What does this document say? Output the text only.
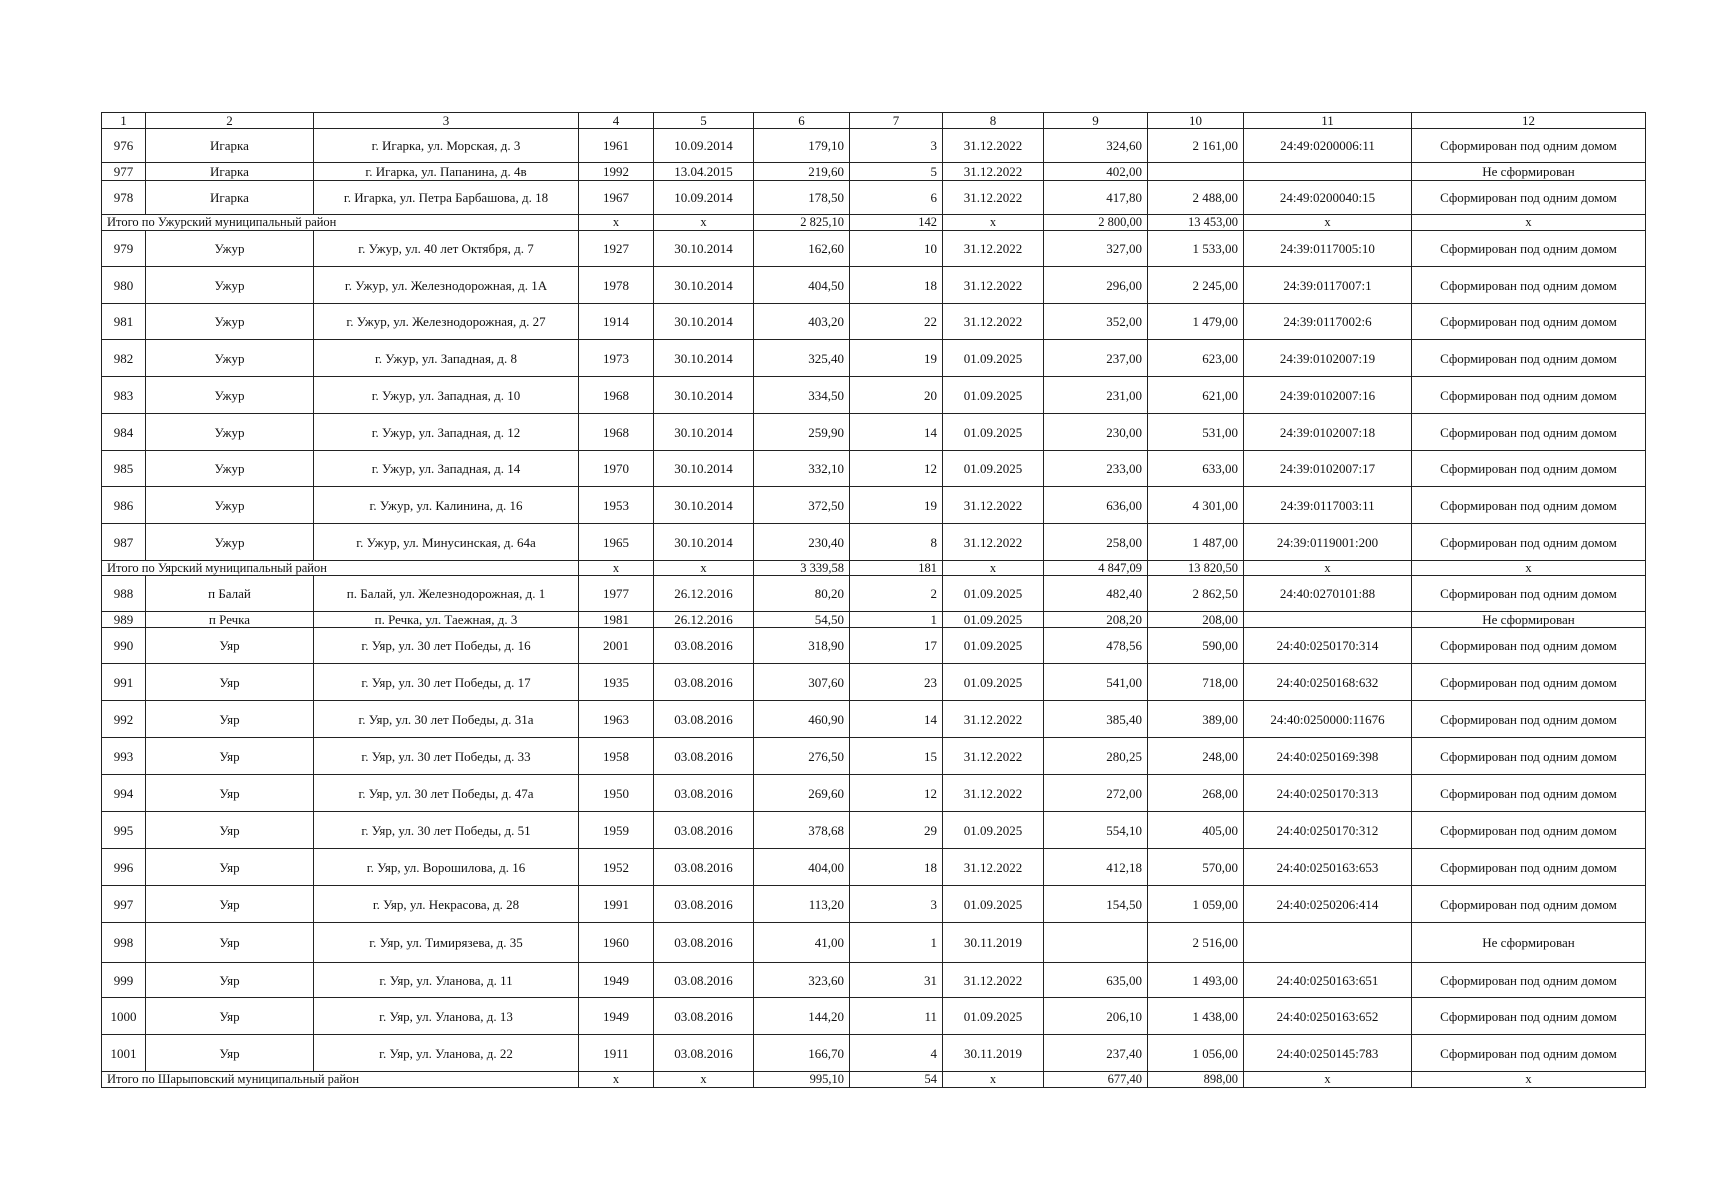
1	2	3	4	5	6	7	8	9	10	11	12
976	Игарка	г. Игарка, ул. Морская, д. 3	1961	10.09.2014	179,10	3	31.12.2022	324,60	2 161,00	24:49:0200006:11	Сформирован под одним домом
977	Игарка	г. Игарка, ул. Папанина, д. 4в	1992	13.04.2015	219,60	5	31.12.2022	402,00			Не сформирован
978	Игарка	г. Игарка, ул. Петра Барбашова, д. 18	1967	10.09.2014	178,50	6	31.12.2022	417,80	2 488,00	24:49:0200040:15	Сформирован под одним домом
Итого по Ужурский муниципальный район			x	x	2 825,10	142	x	2 800,00	13 453,00	x	x
979	Ужур	г. Ужур, ул. 40 лет Октября, д. 7	1927	30.10.2014	162,60	10	31.12.2022	327,00	1 533,00	24:39:0117005:10	Сформирован под одним домом
980	Ужур	г. Ужур, ул. Железнодорожная, д. 1А	1978	30.10.2014	404,50	18	31.12.2022	296,00	2 245,00	24:39:0117007:1	Сформирован под одним домом
981	Ужур	г. Ужур, ул. Железнодорожная, д. 27	1914	30.10.2014	403,20	22	31.12.2022	352,00	1 479,00	24:39:0117002:6	Сформирован под одним домом
982	Ужур	г. Ужур, ул. Западная, д. 8	1973	30.10.2014	325,40	19	01.09.2025	237,00	623,00	24:39:0102007:19	Сформирован под одним домом
983	Ужур	г. Ужур, ул. Западная, д. 10	1968	30.10.2014	334,50	20	01.09.2025	231,00	621,00	24:39:0102007:16	Сформирован под одним домом
984	Ужур	г. Ужур, ул. Западная, д. 12	1968	30.10.2014	259,90	14	01.09.2025	230,00	531,00	24:39:0102007:18	Сформирован под одним домом
985	Ужур	г. Ужур, ул. Западная, д. 14	1970	30.10.2014	332,10	12	01.09.2025	233,00	633,00	24:39:0102007:17	Сформирован под одним домом
986	Ужур	г. Ужур, ул. Калинина, д. 16	1953	30.10.2014	372,50	19	31.12.2022	636,00	4 301,00	24:39:0117003:11	Сформирован под одним домом
987	Ужур	г. Ужур, ул. Минусинская, д. 64а	1965	30.10.2014	230,40	8	31.12.2022	258,00	1 487,00	24:39:0119001:200	Сформирован под одним домом
Итого по Уярский муниципальный район			x	x	3 339,58	181	x	4 847,09	13 820,50	x	x
988	п Балай	п. Балай, ул. Железнодорожная, д. 1	1977	26.12.2016	80,20	2	01.09.2025	482,40	2 862,50	24:40:0270101:88	Сформирован под одним домом
989	п Речка	п. Речка, ул. Таежная, д. 3	1981	26.12.2016	54,50	1	01.09.2025	208,20	208,00		Не сформирован
990	Уяр	г. Уяр, ул. 30 лет Победы, д. 16	2001	03.08.2016	318,90	17	01.09.2025	478,56	590,00	24:40:0250170:314	Сформирован под одним домом
991	Уяр	г. Уяр, ул. 30 лет Победы, д. 17	1935	03.08.2016	307,60	23	01.09.2025	541,00	718,00	24:40:0250168:632	Сформирован под одним домом
992	Уяр	г. Уяр, ул. 30 лет Победы, д. 31а	1963	03.08.2016	460,90	14	31.12.2022	385,40	389,00	24:40:0250000:11676	Сформирован под одним домом
993	Уяр	г. Уяр, ул. 30 лет Победы, д. 33	1958	03.08.2016	276,50	15	31.12.2022	280,25	248,00	24:40:0250169:398	Сформирован под одним домом
994	Уяр	г. Уяр, ул. 30 лет Победы, д. 47а	1950	03.08.2016	269,60	12	31.12.2022	272,00	268,00	24:40:0250170:313	Сформирован под одним домом
995	Уяр	г. Уяр, ул. 30 лет Победы, д. 51	1959	03.08.2016	378,68	29	01.09.2025	554,10	405,00	24:40:0250170:312	Сформирован под одним домом
996	Уяр	г. Уяр, ул. Ворошилова, д. 16	1952	03.08.2016	404,00	18	31.12.2022	412,18	570,00	24:40:0250163:653	Сформирован под одним домом
997	Уяр	г. Уяр, ул. Некрасова, д. 28	1991	03.08.2016	113,20	3	01.09.2025	154,50	1 059,00	24:40:0250206:414	Сформирован под одним домом
998	Уяр	г. Уяр, ул. Тимирязева, д. 35	1960	03.08.2016	41,00	1	30.11.2019		2 516,00		Не сформирован
999	Уяр	г. Уяр, ул. Уланова, д. 11	1949	03.08.2016	323,60	31	31.12.2022	635,00	1 493,00	24:40:0250163:651	Сформирован под одним домом
1000	Уяр	г. Уяр, ул. Уланова, д. 13	1949	03.08.2016	144,20	11	01.09.2025	206,10	1 438,00	24:40:0250163:652	Сформирован под одним домом
1001	Уяр	г. Уяр, ул. Уланова, д. 22	1911	03.08.2016	166,70	4	30.11.2019	237,40	1 056,00	24:40:0250145:783	Сформирован под одним домом
Итого по Шарыповский муниципальный район			x	x	995,10	54	x	677,40	898,00	x	x
